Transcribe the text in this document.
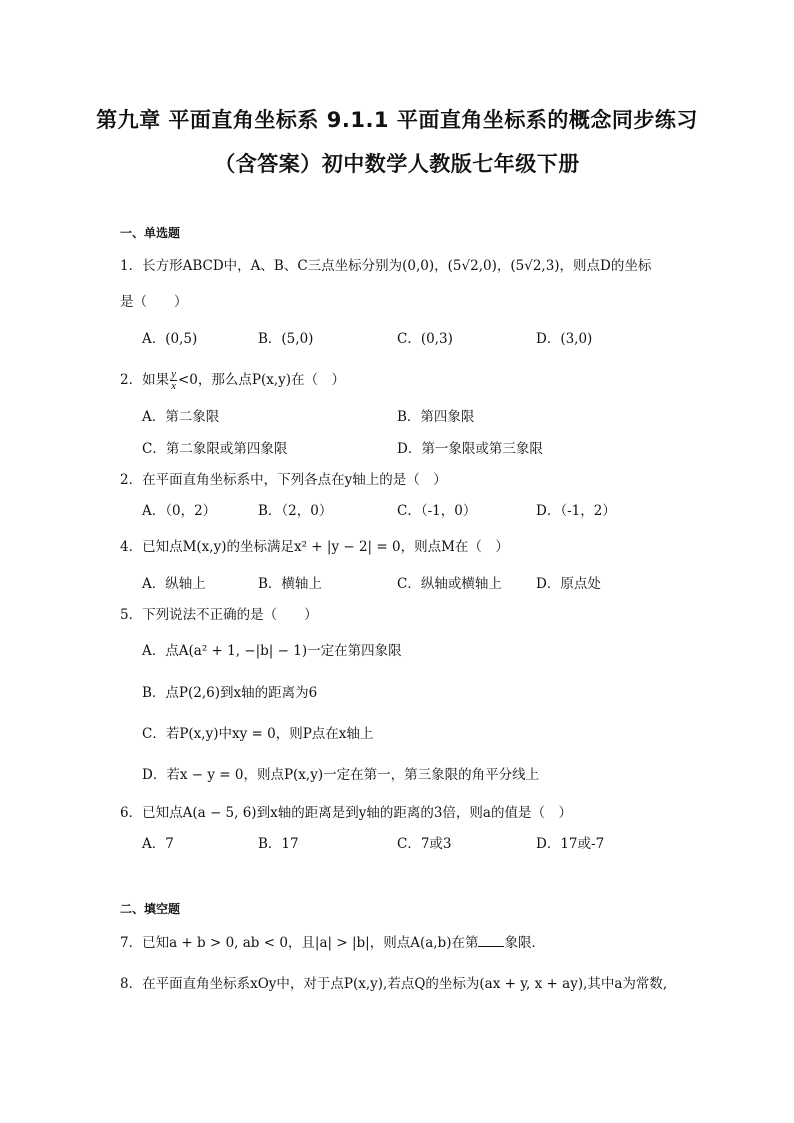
第九章 平面直角坐标系 9.1.1 平面直角坐标系的概念同步练习
（含答案）初中数学人教版七年级下册
一、单选题
1．长方形ABCD中，A、B、C三点坐标分别为(0,0)，(5√2,0)，(5√2,3)，则点D的坐标
是（　　）
A．(0,5)	B．(5,0)	C．(0,3)	D．(3,0)
2．如果 $\frac{y}{x} <0$，那么点P(x,y)在（　）
A．第二象限	B．第四象限
C．第二象限或第四象限	D．第一象限或第三象限
2．在平面直角坐标系中，下列各点在y轴上的是（　）
A．（0，2）	B．（2，0）	C．（-1，0）	D．（-1，2）
4．已知点M(x,y)的坐标满足x² + |y − 2| = 0，则点M在（　）
A．纵轴上	B．横轴上	C．纵轴或横轴上	D．原点处
5．下列说法不正确的是（　　）
A．点A(a² + 1, −|b| − 1)一定在第四象限
B．点P(2,6)到x轴的距离为6
C．若P(x,y)中xy = 0，则P点在x轴上
D．若x − y = 0，则点P(x,y)一定在第一，第三象限的角平分线上
6．已知点A(a − 5, 6)到x轴的距离是到y轴的距离的3倍，则a的值是（　）
A．7	B．17	C．7或3	D．17或-7
二、填空题
7．已知a + b > 0, ab < 0，且|a| > |b|，则点A(a,b)在第 象限．
8．在平面直角坐标系xOy中，对于点P(x,y),若点Q的坐标为(ax + y, x + ay),其中a为常数,
